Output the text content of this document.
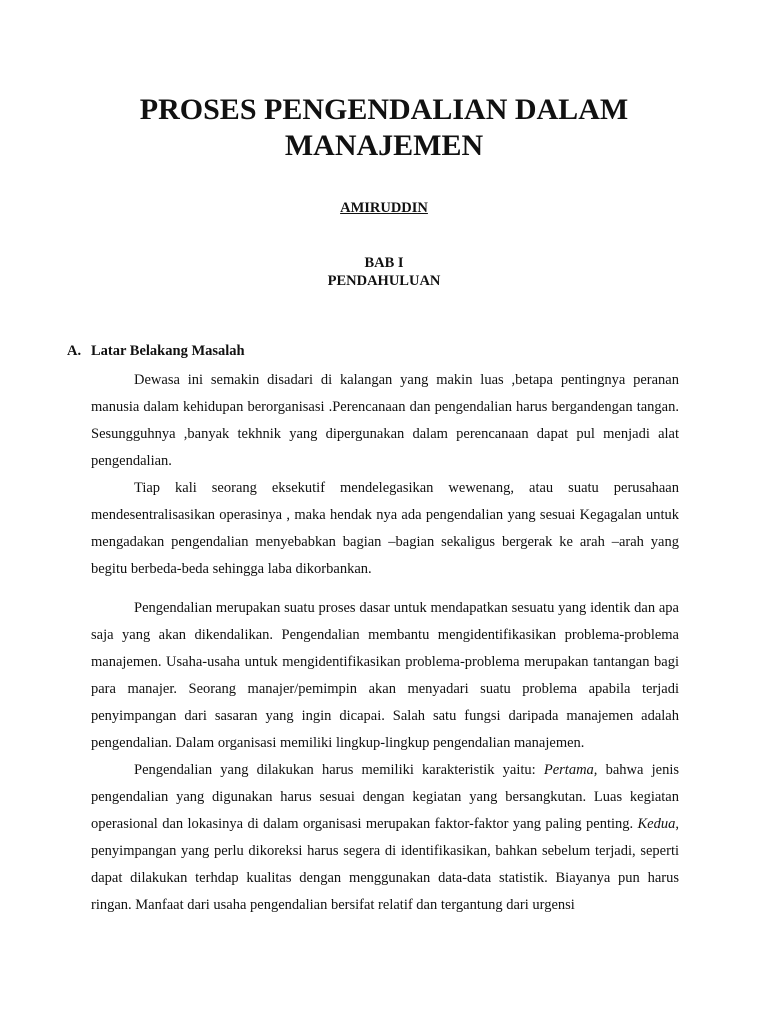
PROSES PENGENDALIAN DALAM
MANAJEMEN

AMIRUDDIN

BAB I
PENDAHULUAN
A. Latar Belakang Masalah

Dewasa ini semakin disadari di kalangan yang makin luas ,betapa pentingnya peranan manusia dalam kehidupan berorganisasi .Perencanaan dan pengendalian harus bergandengan tangan. Sesungguhnya ,banyak tekhnik yang dipergunakan dalam perencanaan dapat pul menjadi alat pengendalian.

Tiap kali seorang eksekutif mendelegasikan wewenang, atau suatu perusahaan mendesentralisasikan operasinya , maka hendak nya ada pengendalian yang sesuai Kegagalan untuk mengadakan pengendalian menyebabkan bagian –bagian sekaligus bergerak ke arah –arah yang begitu berbeda-beda sehingga laba dikorbankan.

Pengendalian merupakan suatu proses dasar untuk mendapatkan sesuatu yang identik dan apa saja yang akan dikendalikan. Pengendalian membantu mengidentifikasikan problema-problema manajemen. Usaha-usaha untuk mengidentifikasikan problema-problema merupakan tantangan bagi para manajer. Seorang manajer/pemimpin akan menyadari suatu problema apabila terjadi penyimpangan dari sasaran yang ingin dicapai. Salah satu fungsi daripada manajemen adalah pengendalian. Dalam organisasi memiliki lingkup-lingkup pengendalian manajemen.

Pengendalian yang dilakukan harus memiliki karakteristik yaitu: Pertama, bahwa jenis pengendalian yang digunakan harus sesuai dengan kegiatan yang bersangkutan. Luas kegiatan operasional dan lokasinya di dalam organisasi merupakan faktor-faktor yang paling penting. Kedua, penyimpangan yang perlu dikoreksi harus segera di identifikasikan, bahkan sebelum terjadi, seperti dapat dilakukan terhdap kualitas dengan menggunakan data-data statistik. Biayanya pun harus ringan. Manfaat dari usaha pengendalian bersifat relatif dan tergantung dari urgensi
